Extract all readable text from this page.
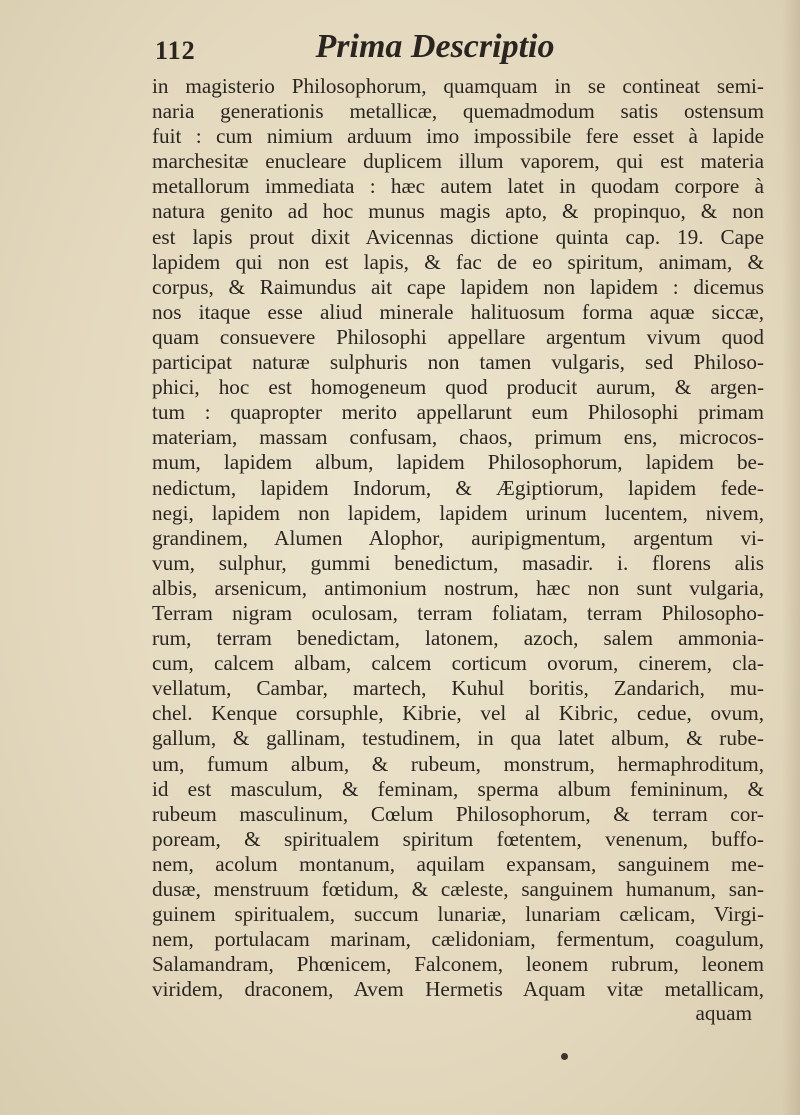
112	Prima Descriptio
in magisterio Philosophorum, quamquam in se contineat semi-
naria generationis metallicæ, quemadmodum satis ostensum
fuit : cum nimium arduum imo impossibile fere esset à lapide
marchesitæ enucleare duplicem illum vaporem, qui est materia
metallorum immediata : hæc autem latet in quodam corpore à
natura genito ad hoc munus magis apto, & propinquo, & non
est lapis prout dixit Avicennas dictione quinta cap. 19. Cape
lapidem qui non est lapis, & fac de eo spiritum, animam, &
corpus, & Raimundus ait cape lapidem non lapidem : dicemus
nos itaque esse aliud minerale halituosum forma aquæ siccæ,
quam consuevere Philosophi appellare argentum vivum quod
participat naturæ sulphuris non tamen vulgaris, sed Philoso-
phici, hoc est homogeneum quod producit aurum, & argen-
tum : quapropter merito appellarunt eum Philosophi primam
materiam, massam confusam, chaos, primum ens, microcos-
mum, lapidem album, lapidem Philosophorum, lapidem be-
nedictum, lapidem Indorum, & Ægiptiorum, lapidem fede-
negi, lapidem non lapidem, lapidem urinum lucentem, nivem,
grandinem, Alumen Alophor, auripigmentum, argentum vi-
vum, sulphur, gummi benedictum, masadir. i. florens alis
albis, arsenicum, antimonium nostrum, hæc non sunt vulgaria,
Terram nigram oculosam, terram foliatam, terram Philosopho-
rum, terram benedictam, latonem, azoch, salem ammonia-
cum, calcem albam, calcem corticum ovorum, cinerem, cla-
vellatum, Cambar, martech, Kuhul boritis, Zandarich, mu-
chel. Kenque corsuphle, Kibrie, vel al Kibric, cedue, ovum,
gallum, & gallinam, testudinem, in qua latet album, & rube-
um, fumum album, & rubeum, monstrum, hermaphroditum,
id est masculum, & feminam, sperma album femininum, &
rubeum masculinum, Cœlum Philosophorum, & terram cor-
poream, & spiritualem spiritum fœtentem, venenum, buffo-
nem, acolum montanum, aquilam expansam, sanguinem me-
dusæ, menstruum fœtidum, & cæleste, sanguinem humanum, san-
guinem spiritualem, succum lunariæ, lunariam cælicam, Virgi-
nem, portulacam marinam, cælidoniam, fermentum, coagulum,
Salamandram, Phœnicem, Falconem, leonem rubrum, leonem
viridem, draconem, Avem Hermetis Aquam vitæ metallicam,
aquam
